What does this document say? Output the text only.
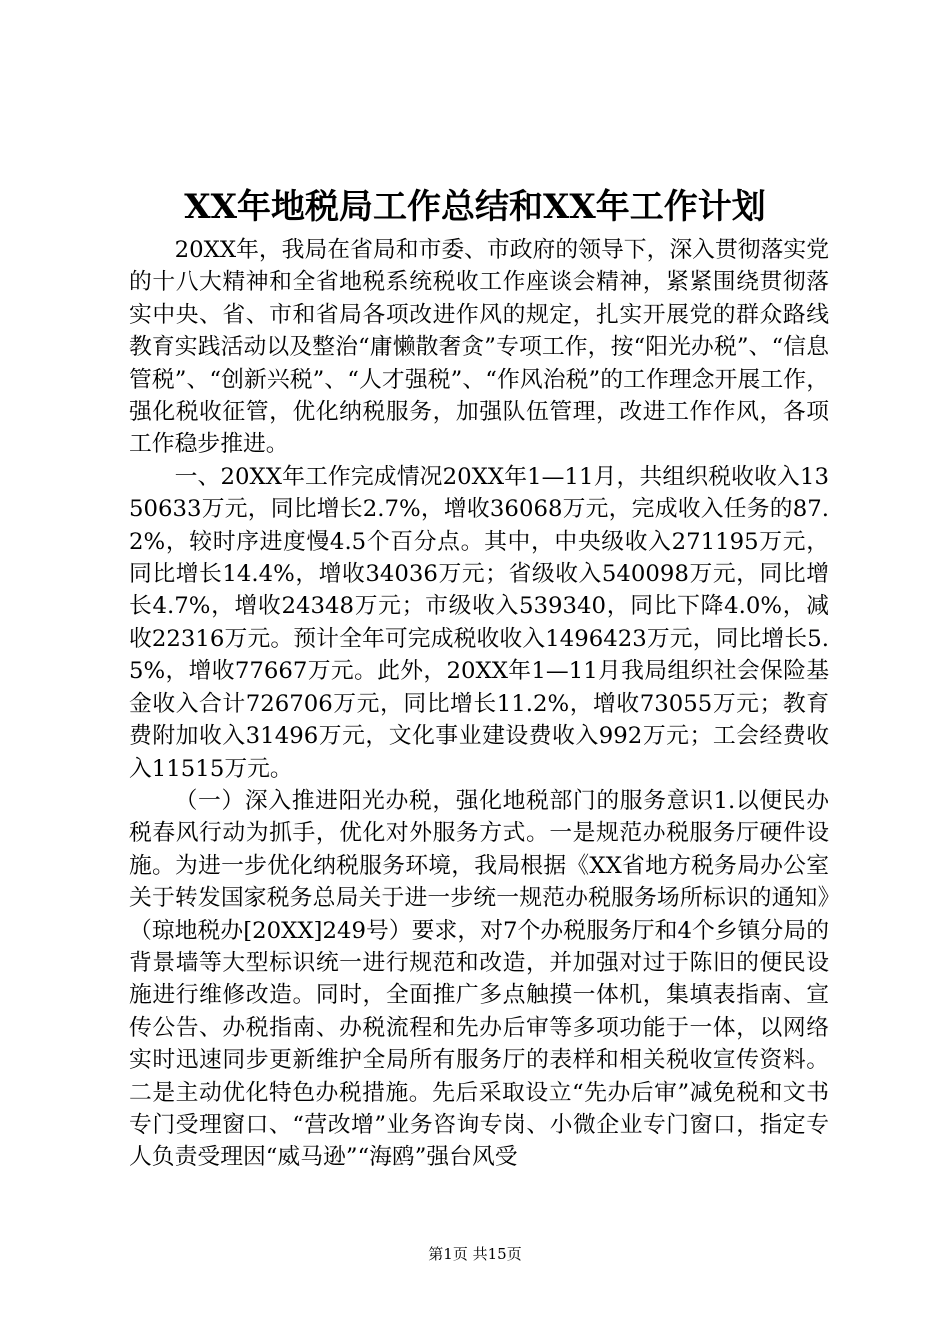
XX年地税局工作总结和XX年工作计划

20XX年，我局在省局和市委、市政府的领导下，深入贯彻落实党的十八大精神和全省地税系统税收工作座谈会精神，紧紧围绕贯彻落实中央、省、市和省局各项改进作风的规定，扎实开展党的群众路线教育实践活动以及整治“庸懒散奢贪”专项工作，按“阳光办税”、“信息管税”、“创新兴税”、“人才强税”、“作风治税”的工作理念开展工作，强化税收征管，优化纳税服务，加强队伍管理，改进工作作风，各项工作稳步推进。

一、20XX年工作完成情况20XX年1—11月，共组织税收收入1350633万元，同比增长2.7%，增收36068万元，完成收入任务的87.2%，较时序进度慢4.5个百分点。其中，中央级收入271195万元，同比增长14.4%，增收34036万元；省级收入540098万元，同比增长4.7%，增收24348万元；市级收入539340，同比下降4.0%，减收22316万元。预计全年可完成税收收入1496423万元，同比增长5.5%，增收77667万元。此外，20XX年1—11月我局组织社会保险基金收入合计726706万元，同比增长11.2%，增收73055万元；教育费附加收入31496万元，文化事业建设费收入992万元；工会经费收入11515万元。

（一）深入推进阳光办税，强化地税部门的服务意识1.以便民办税春风行动为抓手，优化对外服务方式。一是规范办税服务厅硬件设施。为进一步优化纳税服务环境，我局根据《XX省地方税务局办公室关于转发国家税务总局关于进一步统一规范办税服务场所标识的通知》（琼地税办[20XX]249号）要求，对7个办税服务厅和4个乡镇分局的背景墙等大型标识统一进行规范和改造，并加强对过于陈旧的便民设施进行维修改造。同时，全面推广多点触摸一体机，集填表指南、宣传公告、办税指南、办税流程和先办后审等多项功能于一体，以网络实时迅速同步更新维护全局所有服务厅的表样和相关税收宣传资料。二是主动优化特色办税措施。先后采取设立“先办后审”减免税和文书专门受理窗口、“营改增”业务咨询专岗、小微企业专门窗口，指定专人负责受理因“威马逊”“海鸥”强台风受

第1页 共15页
